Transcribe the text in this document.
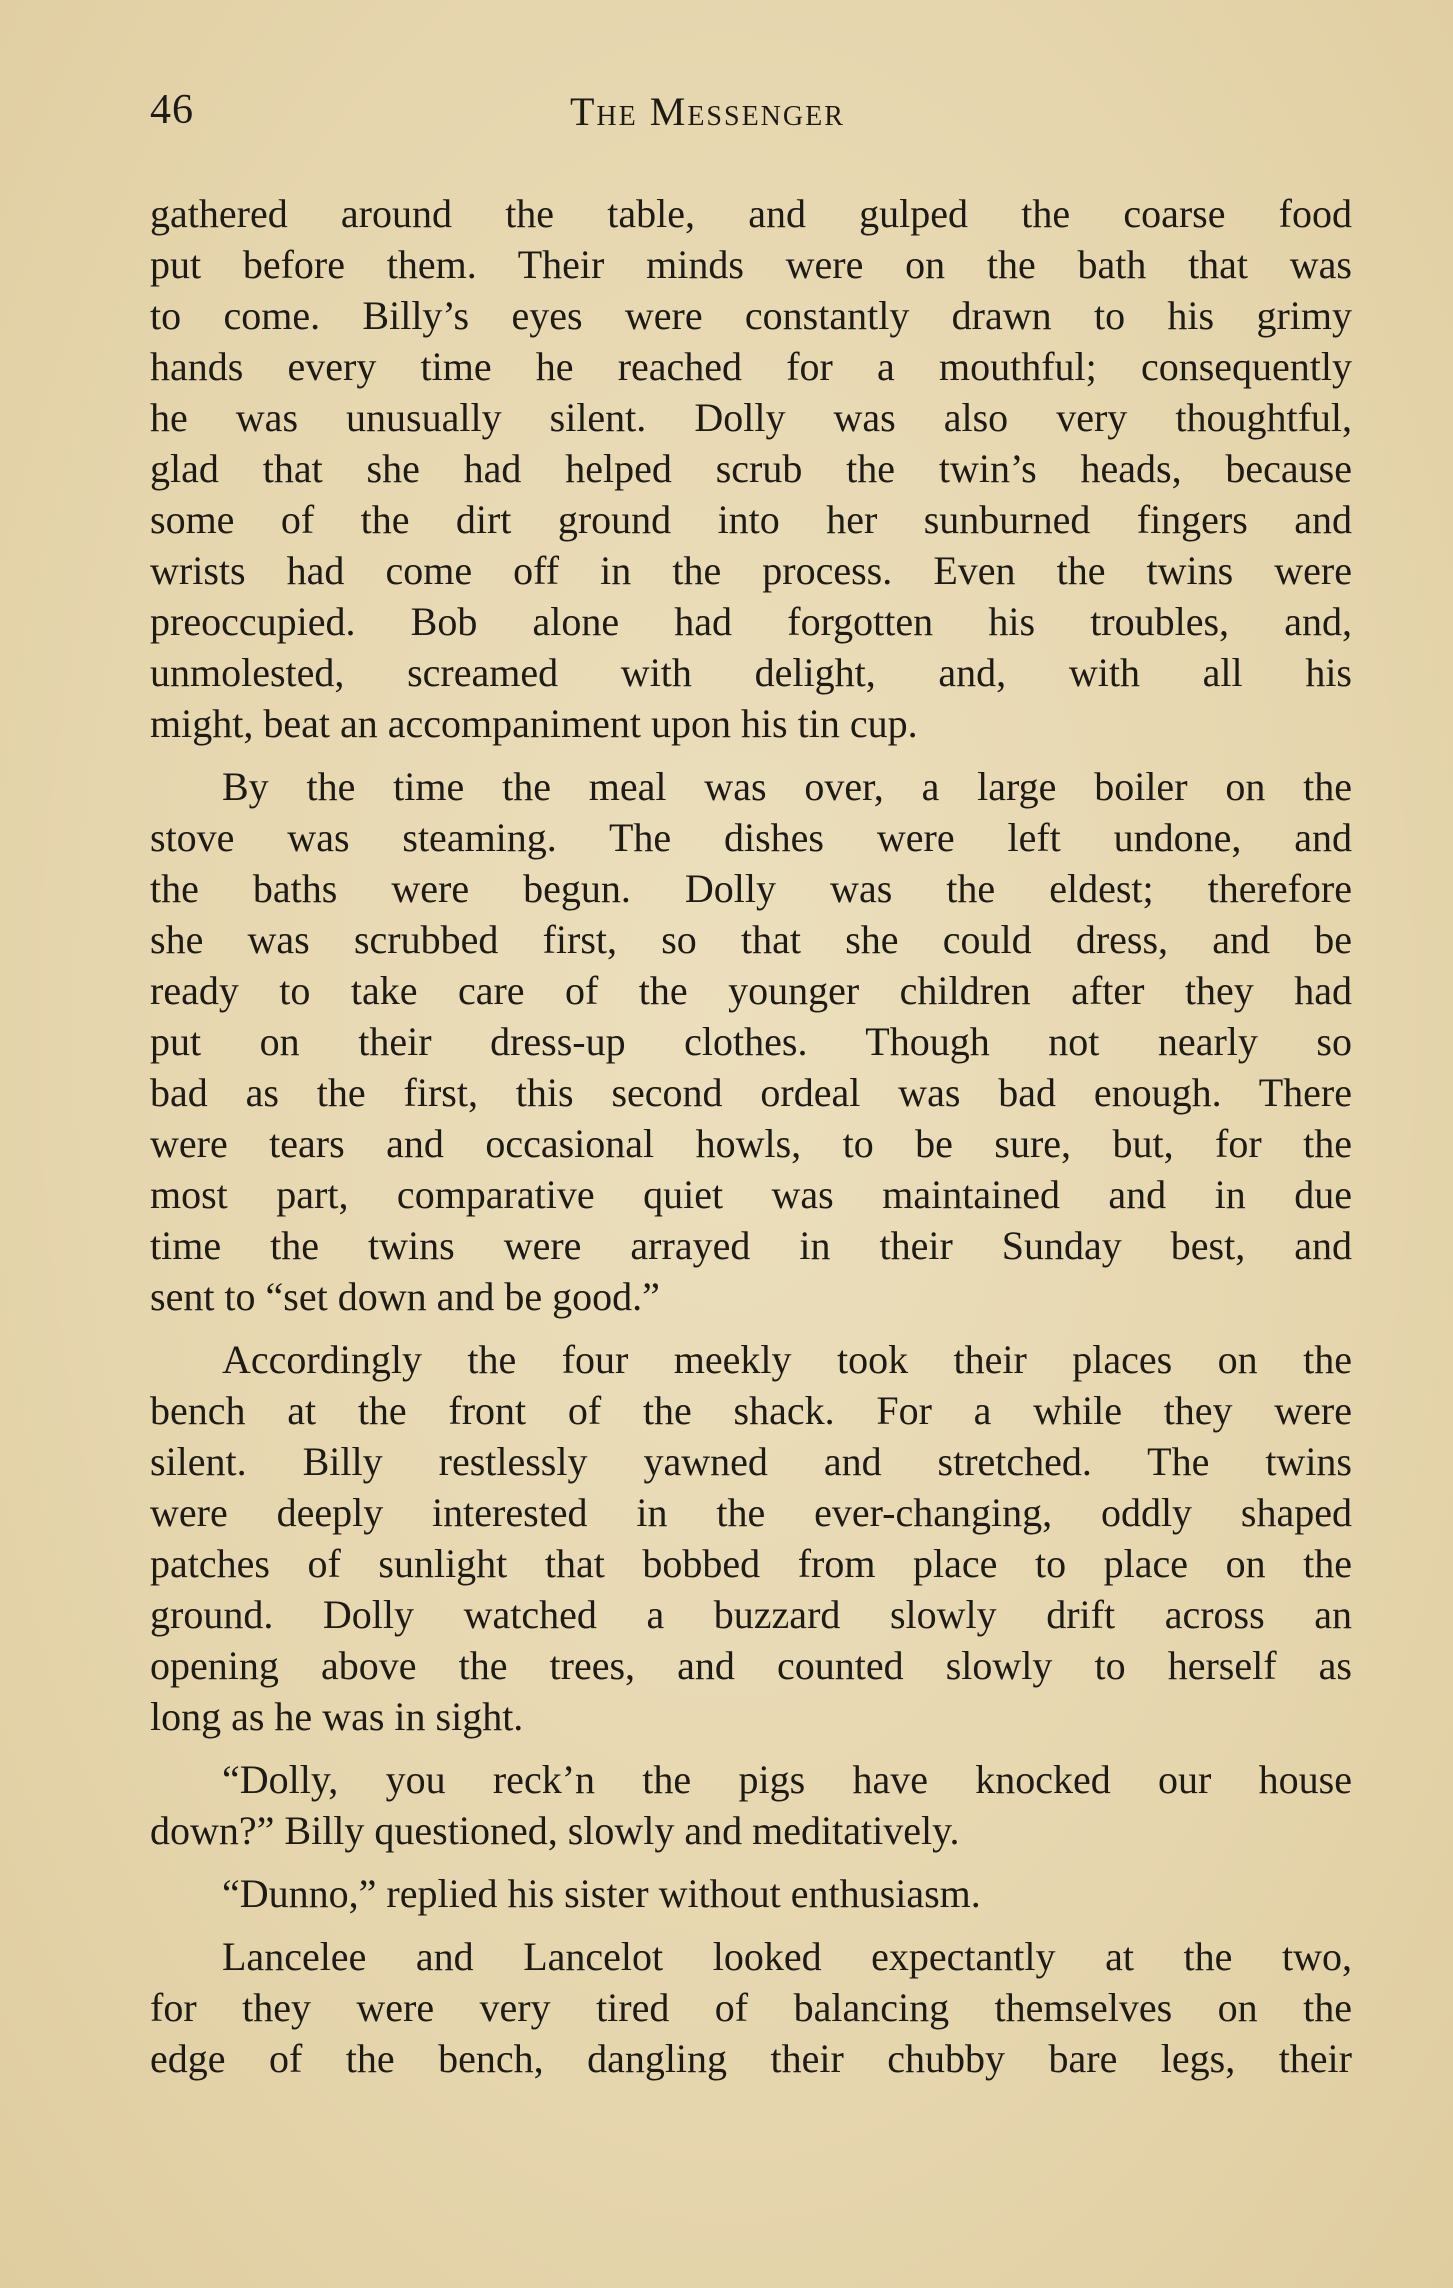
46	The Messenger
gathered around the table, and gulped the coarse food
put before them. Their minds were on the bath that was
to come. Billy’s eyes were constantly drawn to his grimy
hands every time he reached for a mouthful; consequently
he was unusually silent. Dolly was also very thoughtful,
glad that she had helped scrub the twin’s heads, because
some of the dirt ground into her sunburned fingers and
wrists had come off in the process. Even the twins were
preoccupied. Bob alone had forgotten his troubles, and,
unmolested, screamed with delight, and, with all his
might, beat an accompaniment upon his tin cup.
By the time the meal was over, a large boiler on the
stove was steaming. The dishes were left undone, and
the baths were begun. Dolly was the eldest; therefore
she was scrubbed first, so that she could dress, and be
ready to take care of the younger children after they had
put on their dress-up clothes. Though not nearly so
bad as the first, this second ordeal was bad enough. There
were tears and occasional howls, to be sure, but, for the
most part, comparative quiet was maintained and in due
time the twins were arrayed in their Sunday best, and
sent to “set down and be good.”
Accordingly the four meekly took their places on the
bench at the front of the shack. For a while they were
silent. Billy restlessly yawned and stretched. The twins
were deeply interested in the ever-changing, oddly shaped
patches of sunlight that bobbed from place to place on the
ground. Dolly watched a buzzard slowly drift across an
opening above the trees, and counted slowly to herself as
long as he was in sight.
“Dolly, you reck’n the pigs have knocked our house
down?” Billy questioned, slowly and meditatively.
“Dunno,” replied his sister without enthusiasm.
Lancelee and Lancelot looked expectantly at the two,
for they were very tired of balancing themselves on the
edge of the bench, dangling their chubby bare legs, their
